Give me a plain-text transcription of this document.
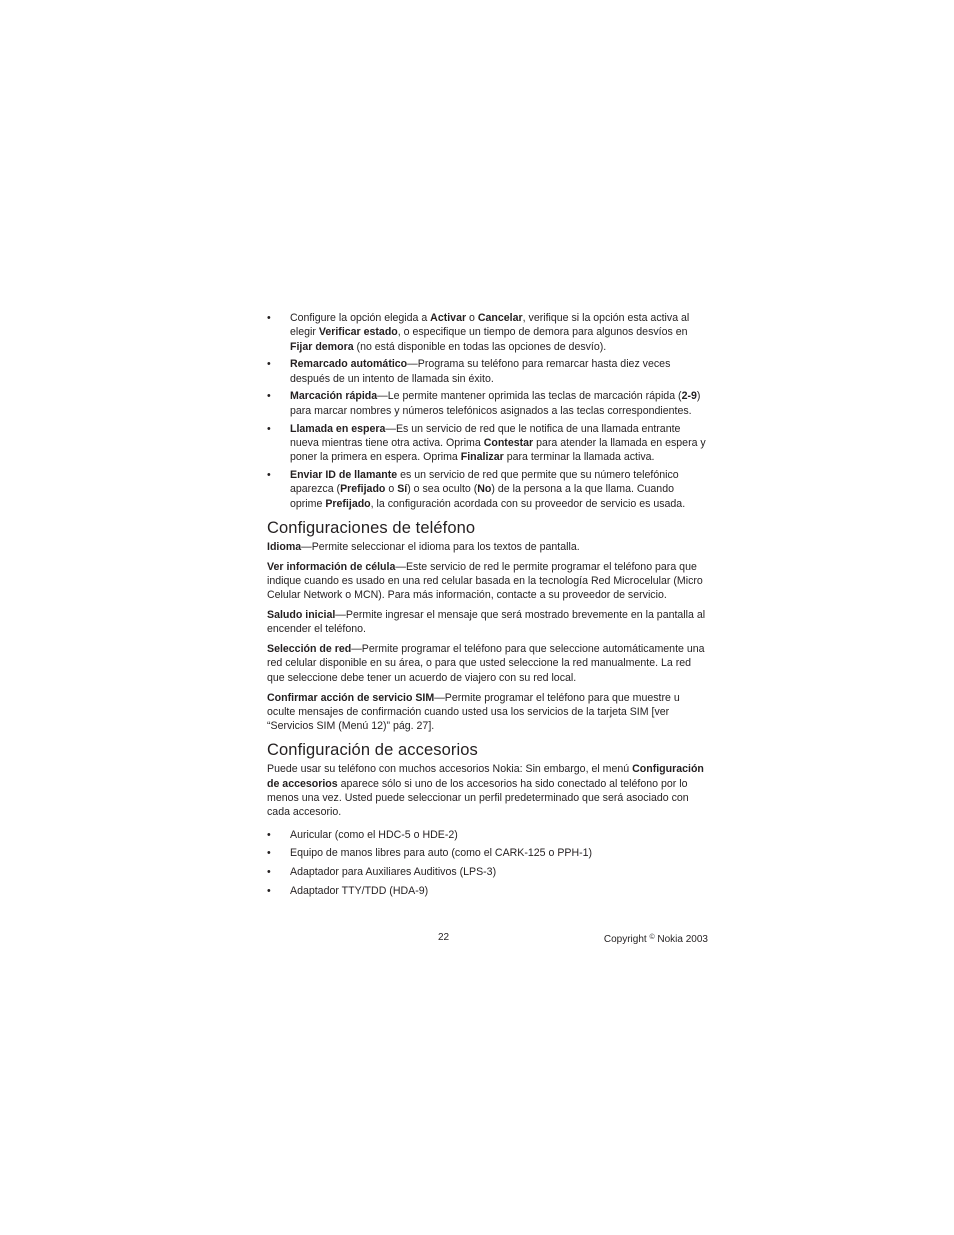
• Configure la opción elegida a Activar o Cancelar, verifique si la opción esta activa al elegir Verificar estado, o especifique un tiempo de demora para algunos desvíos en Fijar demora (no está disponible en todas las opciones de desvío).
• Remarcado automático—Programa su teléfono para remarcar hasta diez veces después de un intento de llamada sin éxito.
• Marcación rápida—Le permite mantener oprimida las teclas de marcación rápida (2-9) para marcar nombres y números telefónicos asignados a las teclas correspondientes.
• Llamada en espera—Es un servicio de red que le notifica de una llamada entrante nueva mientras tiene otra activa. Oprima Contestar para atender la llamada en espera y poner la primera en espera. Oprima Finalizar para terminar la llamada activa.
• Enviar ID de llamante es un servicio de red que permite que su número telefónico aparezca (Prefijado o Sí) o sea oculto (No) de la persona a la que llama. Cuando oprime Prefijado, la configuración acordada con su proveedor de servicio es usada.
Configuraciones de teléfono

Idioma—Permite seleccionar el idioma para los textos de pantalla.

Ver información de célula—Este servicio de red le permite programar el teléfono para que indique cuando es usado en una red celular basada en la tecnología Red Microcelular (Micro Celular Network o MCN). Para más información, contacte a su proveedor de servicio.

Saludo inicial—Permite ingresar el mensaje que será mostrado brevemente en la pantalla al encender el teléfono.

Selección de red—Permite programar el teléfono para que seleccione automáticamente una red celular disponible en su área, o para que usted seleccione la red manualmente. La red que seleccione debe tener un acuerdo de viajero con su red local.

Confirmar acción de servicio SIM—Permite programar el teléfono para que muestre u oculte mensajes de confirmación cuando usted usa los servicios de la tarjeta SIM [ver “Servicios SIM (Menú 12)” pág. 27].

Configuración de accesorios

Puede usar su teléfono con muchos accesorios Nokia: Sin embargo, el menú Configuración de accesorios aparece sólo si uno de los accesorios ha sido conectado al teléfono por lo menos una vez. Usted puede seleccionar un perfil predeterminado que será asociado con cada accesorio.

• Auricular (como el HDC-5 o HDE-2)
• Equipo de manos libres para auto (como el CARK-125 o PPH-1)
• Adaptador para Auxiliares Auditivos (LPS-3)
• Adaptador TTY/TDD (HDA-9)
22	Copyright © Nokia 2003
